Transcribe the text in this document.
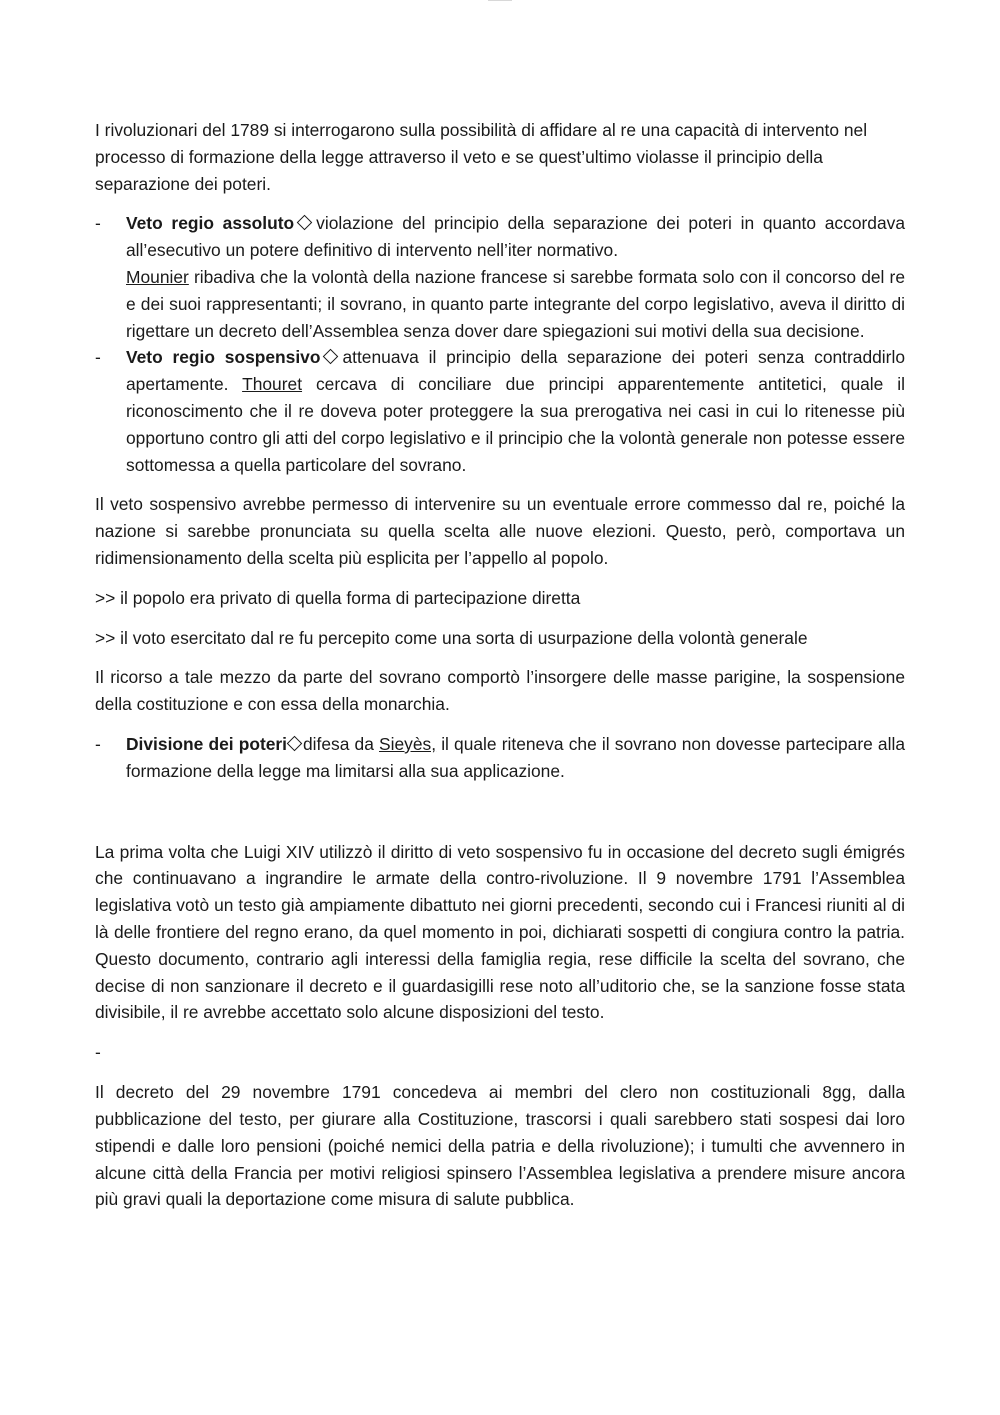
I rivoluzionari del 1789 si interrogarono sulla possibilità di affidare al re una capacità di intervento nel processo di formazione della legge attraverso il veto e se quest’ultimo violasse il principio della separazione dei poteri.

- Veto regio assoluto violazione del principio della separazione dei poteri in quanto accordava all’esecutivo un potere definitivo di intervento nell’iter normativo.
Mounier ribadiva che la volontà della nazione francese si sarebbe formata solo con il concorso del re e dei suoi rappresentanti; il sovrano, in quanto parte integrante del corpo legislativo, aveva il diritto di rigettare un decreto dell’Assemblea senza dover dare spiegazioni sui motivi della sua decisione.
- Veto regio sospensivo attenuava il principio della separazione dei poteri senza contraddirlo apertamente. Thouret cercava di conciliare due principi apparentemente antitetici, quale il riconoscimento che il re doveva poter proteggere la sua prerogativa nei casi in cui lo ritenesse più opportuno contro gli atti del corpo legislativo e il principio che la volontà generale non potesse essere sottomessa a quella particolare del sovrano.

Il veto sospensivo avrebbe permesso di intervenire su un eventuale errore commesso dal re, poiché la nazione si sarebbe pronunciata su quella scelta alle nuove elezioni. Questo, però, comportava un ridimensionamento della scelta più esplicita per l’appello al popolo.

>> il popolo era privato di quella forma di partecipazione diretta

>> il voto esercitato dal re fu percepito come una sorta di usurpazione della volontà generale

Il ricorso a tale mezzo da parte del sovrano comportò l’insorgere delle masse parigine, la sospensione della costituzione e con essa della monarchia.

- Divisione dei poteri difesa da Sieyès, il quale riteneva che il sovrano non dovesse partecipare alla formazione della legge ma limitarsi alla sua applicazione.

La prima volta che Luigi XIV utilizzò il diritto di veto sospensivo fu in occasione del decreto sugli émigrés che continuavano a ingrandire le armate della contro-rivoluzione. Il 9 novembre 1791 l’Assemblea legislativa votò un testo già ampiamente dibattuto nei giorni precedenti, secondo cui i Francesi riuniti al di là delle frontiere del regno erano, da quel momento in poi, dichiarati sospetti di congiura contro la patria. Questo documento, contrario agli interessi della famiglia regia, rese difficile la scelta del sovrano, che decise di non sanzionare il decreto e il guardasigilli rese noto all’uditorio che, se la sanzione fosse stata divisibile, il re avrebbe accettato solo alcune disposizioni del testo.

-

Il decreto del 29 novembre 1791 concedeva ai membri del clero non costituzionali 8gg, dalla pubblicazione del testo, per giurare alla Costituzione, trascorsi i quali sarebbero stati sospesi dai loro stipendi e dalle loro pensioni (poiché nemici della patria e della rivoluzione); i tumulti che avvennero in alcune città della Francia per motivi religiosi spinsero l’Assemblea legislativa a prendere misure ancora più gravi quali la deportazione come misura di salute pubblica.
